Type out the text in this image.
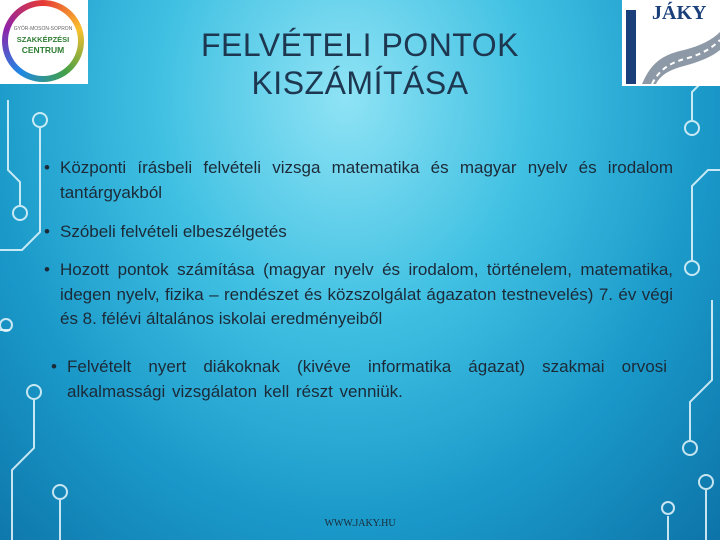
GYŐR-MOSON-SOPRON
SZAKKÉPZÉSI
CENTRUM
JÁKY
FELVÉTELI PONTOK KISZÁMÍTÁSA
• Központi írásbeli felvételi vizsga matematika és magyar nyelv és irodalom tantárgyakból
• Szóbeli felvételi elbeszélgetés
• Hozott pontok számítása (magyar nyelv és irodalom, történelem, matematika, idegen nyelv, fizika – rendészet és közszolgálat ágazaton testnevelés) 7. év végi és 8. félévi általános iskolai eredményeiből
• Felvételt nyert diákoknak (kivéve informatika ágazat) szakmai orvosi alkalmassági vizsgálaton kell részt venniük.
WWW.JAKY.HU
